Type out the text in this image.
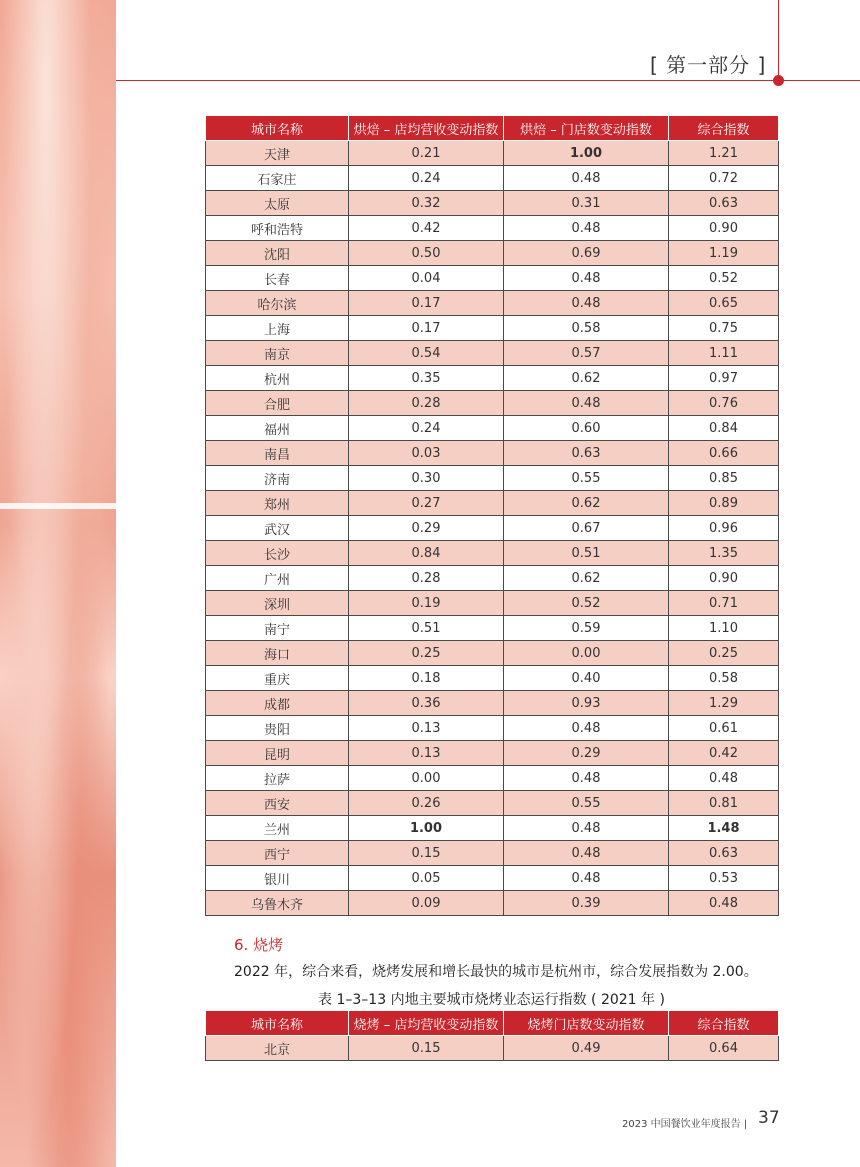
[ 第一部分 ]
城市名称	烘焙 – 店均营收变动指数	烘焙 – 门店数变动指数	综合指数
天津	0.21	1.00	1.21
石家庄	0.24	0.48	0.72
太原	0.32	0.31	0.63
呼和浩特	0.42	0.48	0.90
沈阳	0.50	0.69	1.19
长春	0.04	0.48	0.52
哈尔滨	0.17	0.48	0.65
上海	0.17	0.58	0.75
南京	0.54	0.57	1.11
杭州	0.35	0.62	0.97
合肥	0.28	0.48	0.76
福州	0.24	0.60	0.84
南昌	0.03	0.63	0.66
济南	0.30	0.55	0.85
郑州	0.27	0.62	0.89
武汉	0.29	0.67	0.96
长沙	0.84	0.51	1.35
广州	0.28	0.62	0.90
深圳	0.19	0.52	0.71
南宁	0.51	0.59	1.10
海口	0.25	0.00	0.25
重庆	0.18	0.40	0.58
成都	0.36	0.93	1.29
贵阳	0.13	0.48	0.61
昆明	0.13	0.29	0.42
拉萨	0.00	0.48	0.48
西安	0.26	0.55	0.81
兰州	1.00	0.48	1.48
西宁	0.15	0.48	0.63
银川	0.05	0.48	0.53
乌鲁木齐	0.09	0.39	0.48
6. 烧烤
2022 年，综合来看，烧烤发展和增长最快的城市是杭州市，综合发展指数为 2.00。
表 1–3–13 内地主要城市烧烤业态运行指数 ( 2021 年 )
城市名称	烧烤 – 店均营收变动指数	烧烤门店数变动指数	综合指数
北京	0.15	0.49	0.64
2023 中国餐饮业年度报告 | 37
